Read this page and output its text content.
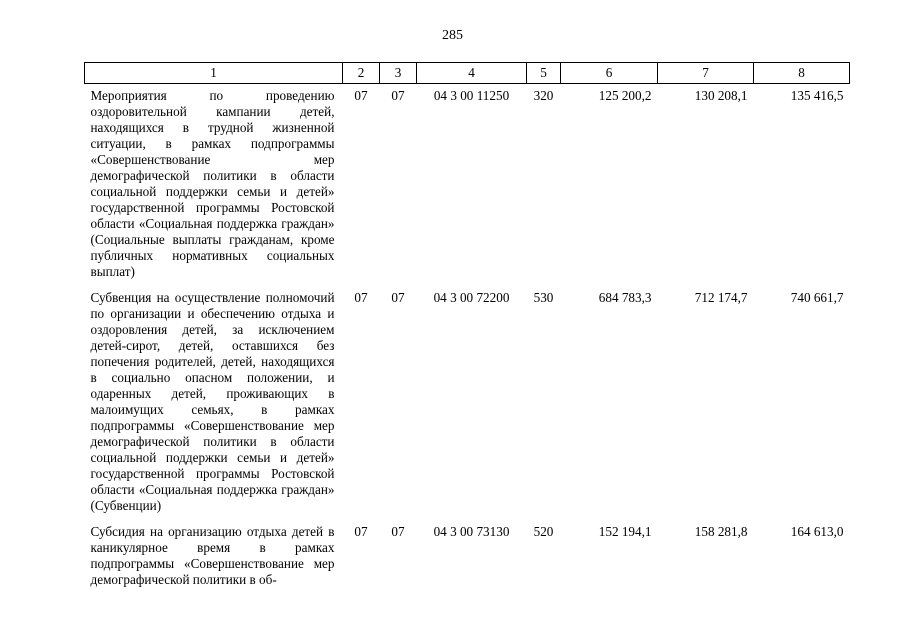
285
1	2	3	4	5	6	7	8
Мероприятия по проведению оздоровительной кампании детей, находящихся в трудной жизненной ситуации, в рамках подпрограммы «Совершенствование мер демографической политики в области социальной поддержки семьи и детей» государственной программы Ростовской области «Социальная поддержка граждан» (Социальные выплаты гражданам, кроме публичных нормативных социальных выплат)	07	07	04 3 00 11250	320	125 200,2	130 208,1	135 416,5
Субвенция на осуществление полномочий по организации и обеспечению отдыха и оздоровления детей, за исключением детей-сирот, детей, оставшихся без попечения родителей, детей, находящихся в социально опасном положении, и одаренных детей, проживающих в малоимущих семьях, в рамках подпрограммы «Совершенствование мер демографической политики в области социальной поддержки семьи и детей» государственной программы Ростовской области «Социальная поддержка граждан» (Субвенции)	07	07	04 3 00 72200	530	684 783,3	712 174,7	740 661,7
Субсидия на организацию отдыха детей в каникулярное время в рамках подпрограммы «Совершенствование мер демографической политики в об-	07	07	04 3 00 73130	520	152 194,1	158 281,8	164 613,0
